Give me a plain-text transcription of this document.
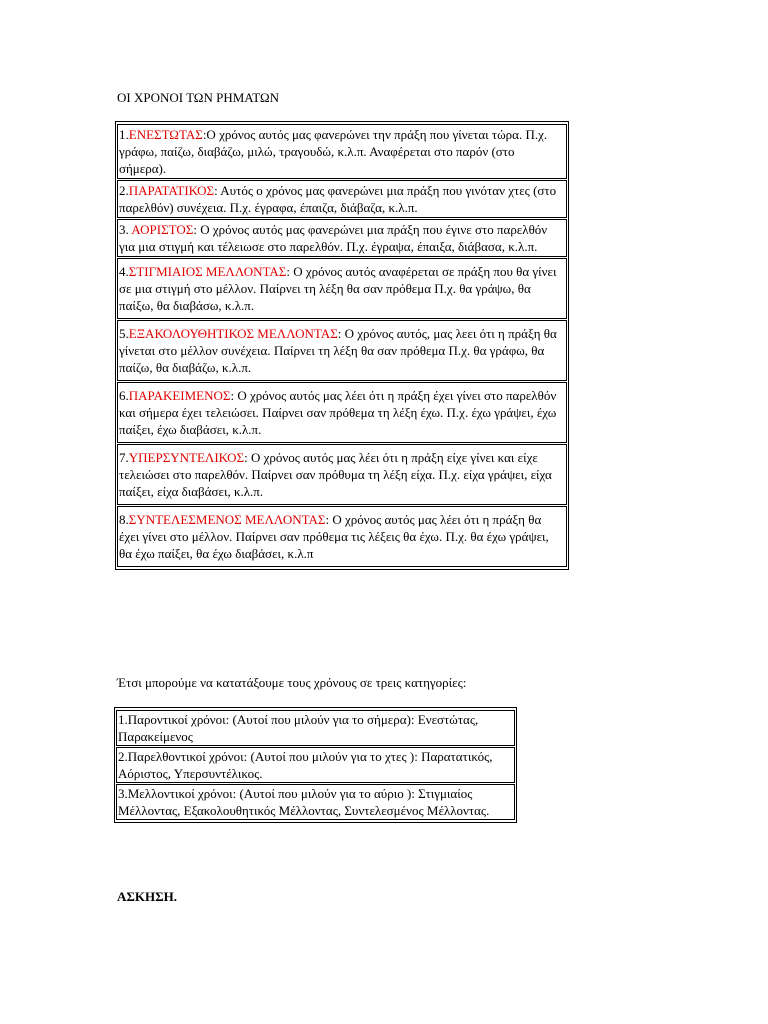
ΟΙ ΧΡΟΝΟΙ ΤΩΝ ΡΗΜΑΤΩΝ
1.ΕΝΕΣΤΩΤΑΣ:Ο χρόνος αυτός μας φανερώνει την πράξη που γίνεται τώρα. Π.χ. γράφω, παίζω, διαβάζω, μιλώ, τραγουδώ, κ.λ.π. Αναφέρεται στο παρόν (στο σήμερα).
2.ΠΑΡΑΤΑΤΙΚΟΣ: Αυτός ο χρόνος μας φανερώνει μια πράξη που γινόταν χτες (στο παρελθόν) συνέχεια. Π.χ. έγραφα, έπαιζα, διάβαζα, κ.λ.π.
3. ΑΟΡΙΣΤΟΣ: Ο χρόνος αυτός μας φανερώνει μια πράξη που έγινε στο παρελθόν για μια στιγμή και τέλειωσε στο παρελθόν. Π.χ. έγραψα, έπαιξα, διάβασα, κ.λ.π.
4.ΣΤΙΓΜΙΑΙΟΣ ΜΕΛΛΟΝΤΑΣ: Ο χρόνος αυτός αναφέρεται σε πράξη που θα γίνει σε μια στιγμή στο μέλλον. Παίρνει τη λέξη θα σαν πρόθεμα Π.χ. θα γράψω, θα παίξω, θα διαβάσω, κ.λ.π.
5.ΕΞΑΚΟΛΟΥΘΗΤΙΚΟΣ ΜΕΛΛΟΝΤΑΣ: Ο χρόνος αυτός, μας λεει ότι η πράξη θα γίνεται στο μέλλον συνέχεια. Παίρνει τη λέξη θα σαν πρόθεμα Π.χ. θα γράφω, θα παίζω, θα διαβάζω, κ.λ.π.
6.ΠΑΡΑΚΕΙΜΕΝΟΣ: Ο χρόνος αυτός μας λέει ότι η πράξη έχει γίνει στο παρελθόν και σήμερα έχει τελειώσει. Παίρνει σαν πρόθεμα τη λέξη έχω. Π.χ. έχω γράψει, έχω παίξει, έχω διαβάσει, κ.λ.π.
7.ΥΠΕΡΣΥΝΤΕΛΙΚΟΣ: Ο χρόνος αυτός μας λέει ότι η πράξη είχε γίνει και είχε τελειώσει στο παρελθόν. Παίρνει σαν πρόθυμα τη λέξη είχα. Π.χ. είχα γράψει, είχα παίξει, είχα διαβάσει, κ.λ.π.
8.ΣΥΝΤΕΛΕΣΜΕΝΟΣ ΜΕΛΛΟΝΤΑΣ: Ο χρόνος αυτός μας λέει ότι η πράξη θα έχει γίνει στο μέλλον. Παίρνει σαν πρόθεμα τις λέξεις θα έχω. Π.χ. θα έχω γράψει, θα έχω παίξει, θα έχω διαβάσει, κ.λ.π
Έτσι μπορούμε να κατατάξουμε τους χρόνους σε τρεις κατηγορίες:
1.Παροντικοί χρόνοι: (Αυτοί που μιλούν για το σήμερα): Ενεστώτας, Παρακείμενος
2.Παρελθοντικοί χρόνοι: (Αυτοί που μιλούν για το χτες ): Παρατατικός, Αόριστος, Υπερσυντέλικος.
3.Μελλοντικοί χρόνοι: (Αυτοί που μιλούν για το αύριο ): Στιγμιαίος Μέλλοντας, Εξακολουθητικός Μέλλοντας, Συντελεσμένος Μέλλοντας.
ΑΣΚΗΣΗ.
